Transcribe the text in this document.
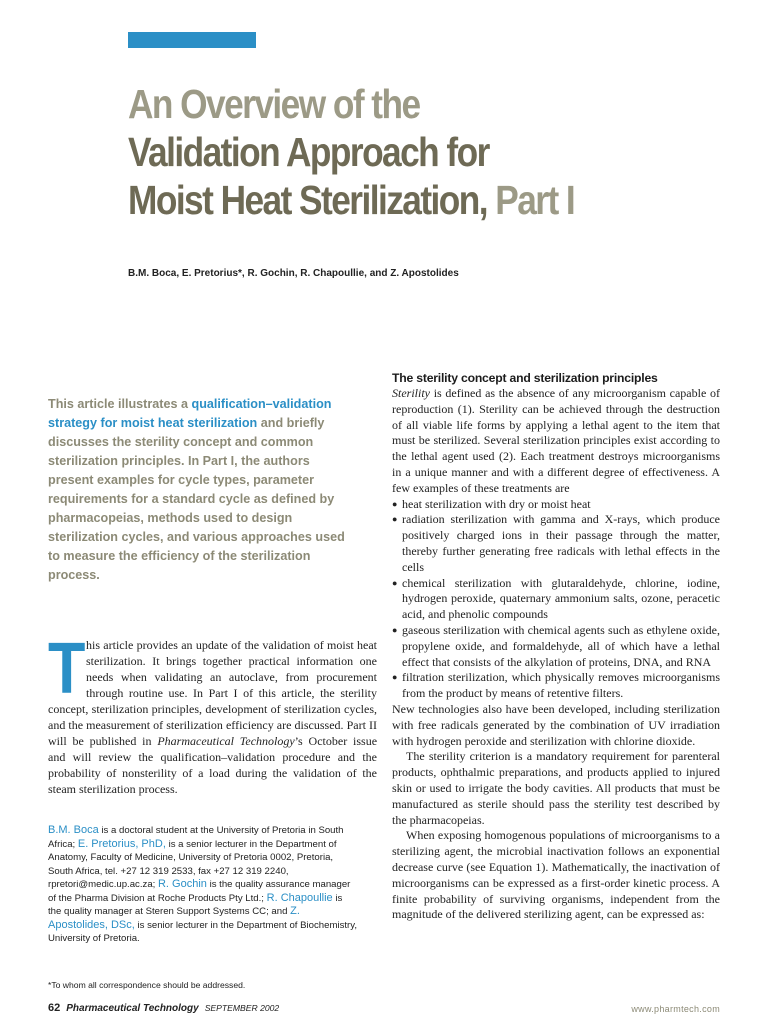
An Overview of the
Validation Approach for
Moist Heat Sterilization, Part I
B.M. Boca, E. Pretorius*, R. Gochin, R. Chapoullie, and Z. Apostolides

This article illustrates a qualification–validation strategy for moist heat sterilization and briefly discusses the sterility concept and common sterilization principles. In Part I, the authors present examples for cycle types, parameter requirements for a standard cycle as defined by pharmacopeias, methods used to design sterilization cycles, and various approaches used to measure the efficiency of the sterilization process.

This article provides an update of the validation of moist heat sterilization. It brings together practical information one needs when validating an autoclave, from procurement through routine use. In Part I of this article, the sterility concept, sterilization principles, development of sterilization cycles, and the measurement of sterilization efficiency are discussed. Part II will be published in Pharmaceutical Technology’s October issue and will review the qualification–validation procedure and the probability of nonsterility of a load during the validation of the steam sterilization process.

B.M. Boca is a doctoral student at the University of Pretoria in South Africa; E. Pretorius, PhD, is a senior lecturer in the Department of Anatomy, Faculty of Medicine, University of Pretoria 0002, Pretoria, South Africa, tel. +27 12 319 2533, fax +27 12 319 2240, rpretori@medic.up.ac.za; R. Gochin is the quality assurance manager of the Pharma Division at Roche Products Pty Ltd.; R. Chapoullie is the quality manager at Steren Support Systems CC; and Z. Apostolides, DSc, is senior lecturer in the Department of Biochemistry, University of Pretoria.

*To whom all correspondence should be addressed.
The sterility concept and sterilization principles

Sterility is defined as the absence of any microorganism capable of reproduction (1). Sterility can be achieved through the destruction of all viable life forms by applying a lethal agent to the item that must be sterilized. Several sterilization principles exist according to the lethal agent used (2). Each treatment destroys microorganisms in a unique manner and with a different degree of effectiveness. A few examples of these treatments are

● heat sterilization with dry or moist heat
● radiation sterilization with gamma and X-rays, which produce positively charged ions in their passage through the matter, thereby further generating free radicals with lethal effects in the cells
● chemical sterilization with glutaraldehyde, chlorine, iodine, hydrogen peroxide, quaternary ammonium salts, ozone, peracetic acid, and phenolic compounds
● gaseous sterilization with chemical agents such as ethylene oxide, propylene oxide, and formaldehyde, all of which have a lethal effect that consists of the alkylation of proteins, DNA, and RNA
● filtration sterilization, which physically removes microorganisms from the product by means of retentive filters.

New technologies also have been developed, including sterilization with free radicals generated by the combination of UV irradiation with hydrogen peroxide and sterilization with chlorine dioxide.

The sterility criterion is a mandatory requirement for parenteral products, ophthalmic preparations, and products applied to injured skin or used to irrigate the body cavities. All products that must be manufactured as sterile should pass the sterility test described by the pharmacopeias.

When exposing homogenous populations of microorganisms to a sterilizing agent, the microbial inactivation follows an exponential decrease curve (see Equation 1). Mathematically, the inactivation of microorganisms can be expressed as a first-order kinetic process. A finite probability of surviving organisms, independent from the magnitude of the delivered sterilizing agent, can be expressed as:

62 Pharmaceutical Technology SEPTEMBER 2002	www.pharmtech.com
